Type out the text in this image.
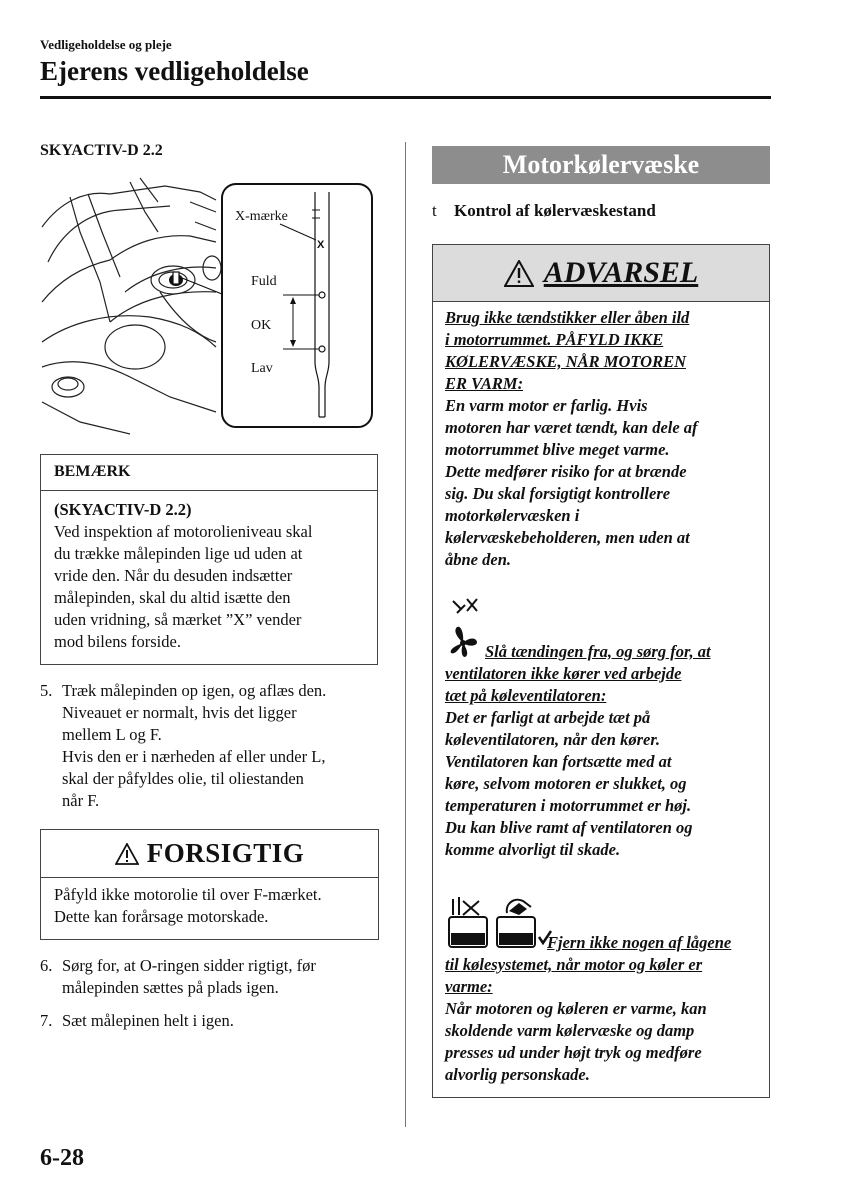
Vedligeholdelse og pleje
Ejerens vedligeholdelse
SKYACTIV-D 2.2
X
X-mærke
Fuld
OK
Lav
BEMÆRK
(SKYACTIV-D 2.2)
Ved inspektion af motorolieniveau skal
du trække målepinden lige ud uden at
vride den. Når du desuden indsætter
målepinden, skal du altid isætte den
uden vridning, så mærket ”X” vender
mod bilens forside.
5. Træk målepinden op igen, og aflæs den.
Niveauet er normalt, hvis det ligger
mellem L og F.
Hvis den er i nærheden af eller under L,
skal der påfyldes olie, til oliestanden
når F.
FORSIGTIG
Påfyld ikke motorolie til over F-mærket.
Dette kan forårsage motorskade.
6. Sørg for, at O-ringen sidder rigtigt, før
målepinden sættes på plads igen.
7. Sæt målepinen helt i igen.
Motorkølervæske
t Kontrol af kølervæskestand
ADVARSEL
Brug ikke tændstikker eller åben ild
i motorrummet. PÅFYLD IKKE
KØLERVÆSKE, NÅR MOTOREN
ER VARM:
En varm motor er farlig. Hvis
motoren har været tændt, kan dele af
motorrummet blive meget varme.
Dette medfører risiko for at brænde
sig. Du skal forsigtigt kontrollere
motorkølervæsken i
kølervæskebeholderen, men uden at
åbne den.
Slå tændingen fra, og sørg for, at
ventilatoren ikke kører ved arbejde
tæt på køleventilatoren:
Det er farligt at arbejde tæt på
køleventilatoren, når den kører.
Ventilatoren kan fortsætte med at
køre, selvom motoren er slukket, og
temperaturen i motorrummet er høj.
Du kan blive ramt af ventilatoren og
komme alvorligt til skade.
Fjern ikke nogen af lågene
til kølesystemet, når motor og køler er
varme:
Når motoren og køleren er varme, kan
skoldende varm kølervæske og damp
presses ud under højt tryk og medføre
alvorlig personskade.
6-28
